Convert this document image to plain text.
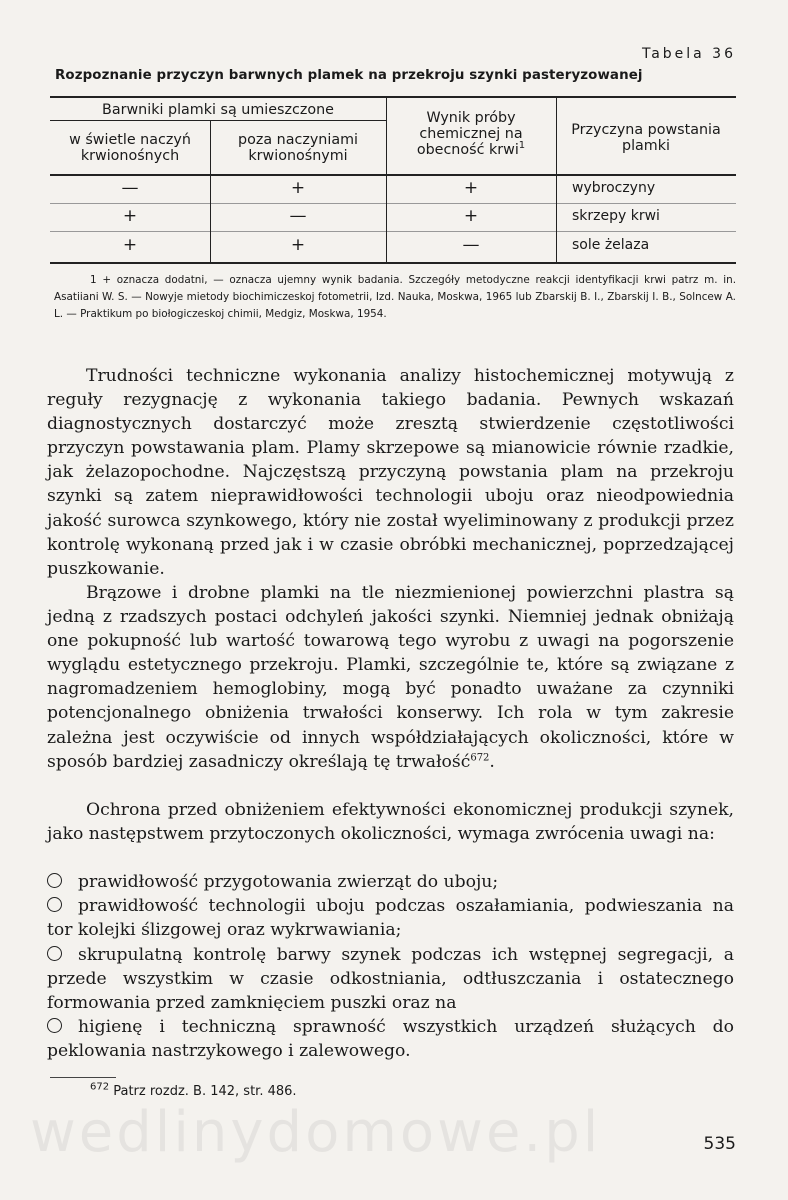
wedlinydomowe.pl
Tabela 36
Rozpoznanie przyczyn barwnych plamek na przekroju szynki pasteryzowanej
Barwniki plamki są umieszczone
w świetle naczyń krwionośnych
poza naczyniami krwionośnymi
Wynik próby chemicznej na obecność krwi$^1$
Przyczyna powstania plamki
—	+	+	wybroczyny
+	—	+	skrzepy krwi
+	+	—	sole żelaza
1 + oznacza dodatni, — oznacza ujemny wynik badania. Szczegóły metodyczne reakcji identyfikacji krwi patrz m. in. Asatiiani W. S. — Nowyje mietody biochimiczeskoj fotometrii, Izd. Nauka, Moskwa, 1965 lub Zbarskij B. I., Zbarskij I. B., Solncew A. L. — Praktikum po biołogiczeskoj chimii, Medgiz, Moskwa, 1954.
Trudności techniczne wykonania analizy histochemicznej motywują z reguły rezygnację z wykonania takiego badania. Pewnych wskazań diagnostycznych dostarczyć może zresztą stwierdzenie częstotliwości przyczyn powstawania plam. Plamy skrzepowe są mianowicie równie rzadkie, jak żelazopochodne. Najczęstszą przyczyną powstania plam na przekroju szynki są zatem nieprawidłowości technologii uboju oraz nieodpowiednia jakość surowca szynkowego, który nie został wyeliminowany z produkcji przez kontrolę wykonaną przed jak i w czasie obróbki mechanicznej, poprzedzającej puszkowanie.
Brązowe i drobne plamki na tle niezmienionej powierzchni plastra są jedną z rzadszych postaci odchyleń jakości szynki. Niemniej jednak obniżają one pokupność lub wartość towarową tego wyrobu z uwagi na pogorszenie wyglądu estetycznego przekroju. Plamki, szczególnie te, które są związane z nagromadzeniem hemoglobiny, mogą być ponadto uważane za czynniki potencjonalnego obniżenia trwałości konserwy. Ich rola w tym zakresie zależna jest oczywiście od innych współdziałających okoliczności, które w sposób bardziej zasadniczy określają tę trwałość$^{672}$.
Ochrona przed obniżeniem efektywności ekonomicznej produkcji szynek, jako następstwem przytoczonych okoliczności, wymaga zwrócenia uwagi na:
prawidłowość przygotowania zwierząt do uboju;
prawidłowość technologii uboju podczas oszałamiania, podwieszania na tor kolejki ślizgowej oraz wykrwawiania;
skrupulatną kontrolę barwy szynek podczas ich wstępnej segregacji, a przede wszystkim w czasie odkostniania, odtłuszczania i ostatecznego formowania przed zamknięciem puszki oraz na
higienę i techniczną sprawność wszystkich urządzeń służących do peklowania nastrzykowego i zalewowego.
$^{672}$ Patrz rozdz. B. 142, str. 486.
535
